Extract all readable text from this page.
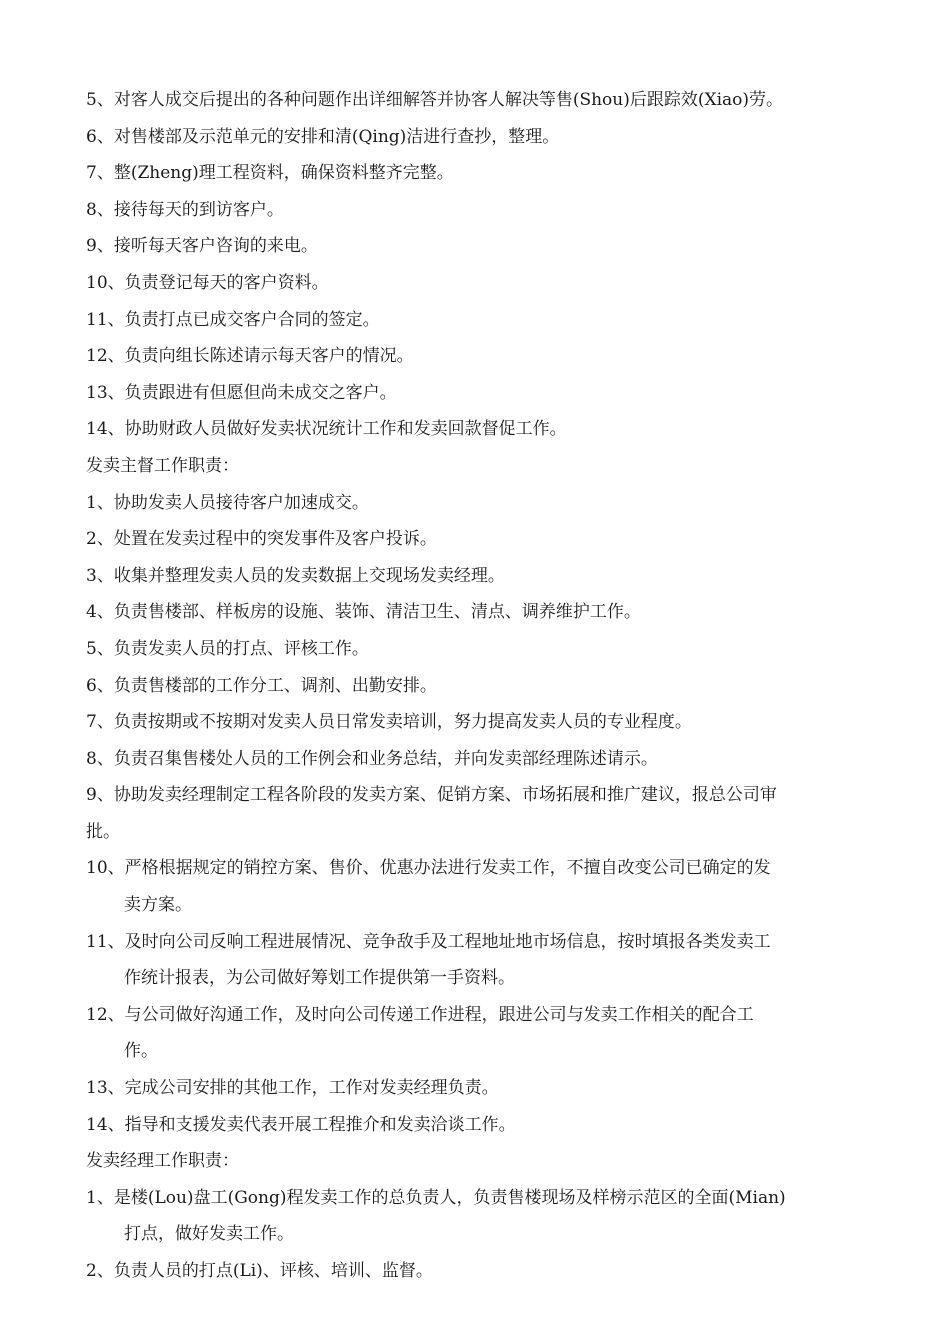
5、 对客人成交后提出的各种问题作出详细解答并协客人解决等售(Shou)后跟踪效(Xiao)劳。
6、 对售楼部及示范单元的安排和清(Qing)洁进行查抄，整理。
7、 整(Zheng)理工程资料，确保资料整齐完整。
8、 接待每天的到访客户。
9、 接听每天客户咨询的来电。
10、 负责登记每天的客户资料。
11、 负责打点已成交客户合同的签定。
12、 负责向组长陈述请示每天客户的情况。
13、 负责跟进有但愿但尚未成交之客户。
14、 协助财政人员做好发卖状况统计工作和发卖回款督促工作。

发卖主督工作职责：

1、 协助发卖人员接待客户加速成交。
2、 处置在发卖过程中的突发事件及客户投诉。
3、 收集并整理发卖人员的发卖数据上交现场发卖经理。
4、 负责售楼部、样板房的设施、装饰、清洁卫生、清点、调养维护工作。
5、 负责发卖人员的打点、评核工作。
6、 负责售楼部的工作分工、调剂、出勤安排。
7、 负责按期或不按期对发卖人员日常发卖培训，努力提高发卖人员的专业程度。
8、 负责召集售楼处人员的工作例会和业务总结，并向发卖部经理陈述请示。
9、 协助发卖经理制定工程各阶段的发卖方案、促销方案、市场拓展和推广建议，报总公司审

批。

10、 严格根据规定的销控方案、售价、优惠办法进行发卖工作，不擅自改变公司已确定的发

卖方案。

11、 及时向公司反响工程进展情况、竞争敌手及工程地址地市场信息，按时填报各类发卖工

作统计报表，为公司做好筹划工作提供第一手资料。

12、 与公司做好沟通工作，及时向公司传递工作进程，跟进公司与发卖工作相关的配合工

作。

13、 完成公司安排的其他工作，工作对发卖经理负责。
14、 指导和支援发卖代表开展工程推介和发卖洽谈工作。

发卖经理工作职责：

1、 是楼(Lou)盘工(Gong)程发卖工作的总负责人，负责售楼现场及样榜示范区的全面(Mian)

打点，做好发卖工作。

2、 负责人员的打点(Li)、评核、培训、监督。
